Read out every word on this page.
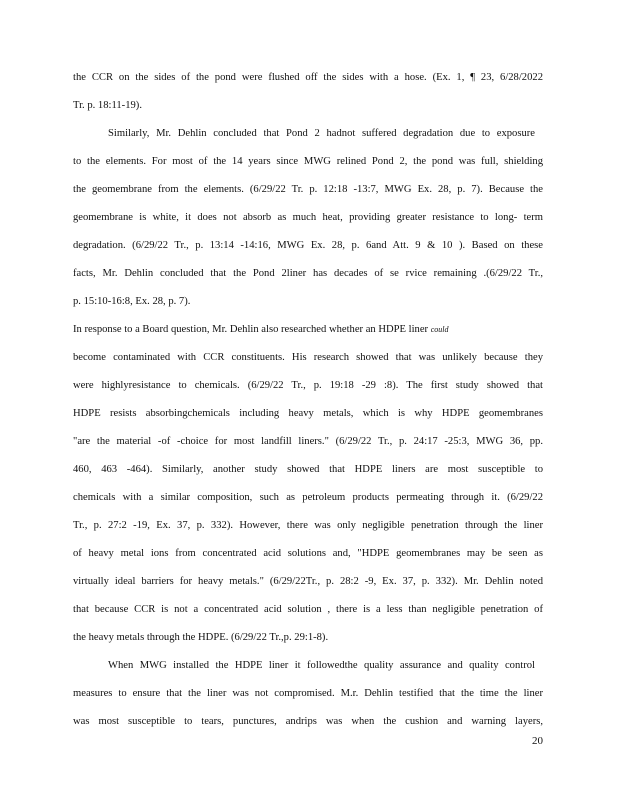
the CCR on the sides of the pond were flushed off the sides with a hose. (Ex. 1, ¶ 23, 6/28/2022
Tr. p. 18:11-19).
Similarly, Mr. Dehlin concluded that Pond 2 hadnot suffered degradation due to exposure
to the elements. For most of the 14 years since MWG relined Pond 2, the pond was full, shielding
the geomembrane from the elements. (6/29/22 Tr. p. 12:18 -13:7, MWG Ex. 28, p. 7). Because the
geomembrane is white, it does not absorb as much heat, providing greater resistance to long- term
degradation. (6/29/22 Tr., p. 13:14 -14:16, MWG Ex. 28, p. 6and Att. 9 & 10 ). Based on these
facts, Mr. Dehlin concluded that the Pond 2liner has decades of se rvice remaining .(6/29/22 Tr.,
p. 15:10-16:8, Ex. 28, p. 7).
In response to a Board question, Mr. Dehlin also researched whether an HDPE liner could
become contaminated with CCR constituents. His research showed that was unlikely because they
were highlyresistance to chemicals. (6/29/22 Tr., p. 19:18 -29 :8). The first study showed that
HDPE resists absorbingchemicals including heavy metals, which is why HDPE geomembranes
"are the material -of -choice for most landfill liners." (6/29/22 Tr., p. 24:17 -25:3, MWG 36, pp.
460, 463 -464). Similarly, another study showed that HDPE liners are most susceptible to
chemicals with a similar composition, such as petroleum products permeating through it. (6/29/22
Tr., p. 27:2 -19, Ex. 37, p. 332). However, there was only negligible penetration through the liner
of heavy metal ions from concentrated acid solutions and, "HDPE geomembranes may be seen as
virtually ideal barriers for heavy metals." (6/29/22Tr., p. 28:2 -9, Ex. 37, p. 332). Mr. Dehlin noted
that because CCR is not a concentrated acid solution , there is a less than negligible penetration of
the heavy metals through the HDPE. (6/29/22 Tr.,p. 29:1-8).
When MWG installed the HDPE liner it followedthe quality assurance and quality control
measures to ensure that the liner was not compromised. M.r. Dehlin testified that the time the liner
was most susceptible to tears, punctures, andrips was when the cushion and warning layers,
20
